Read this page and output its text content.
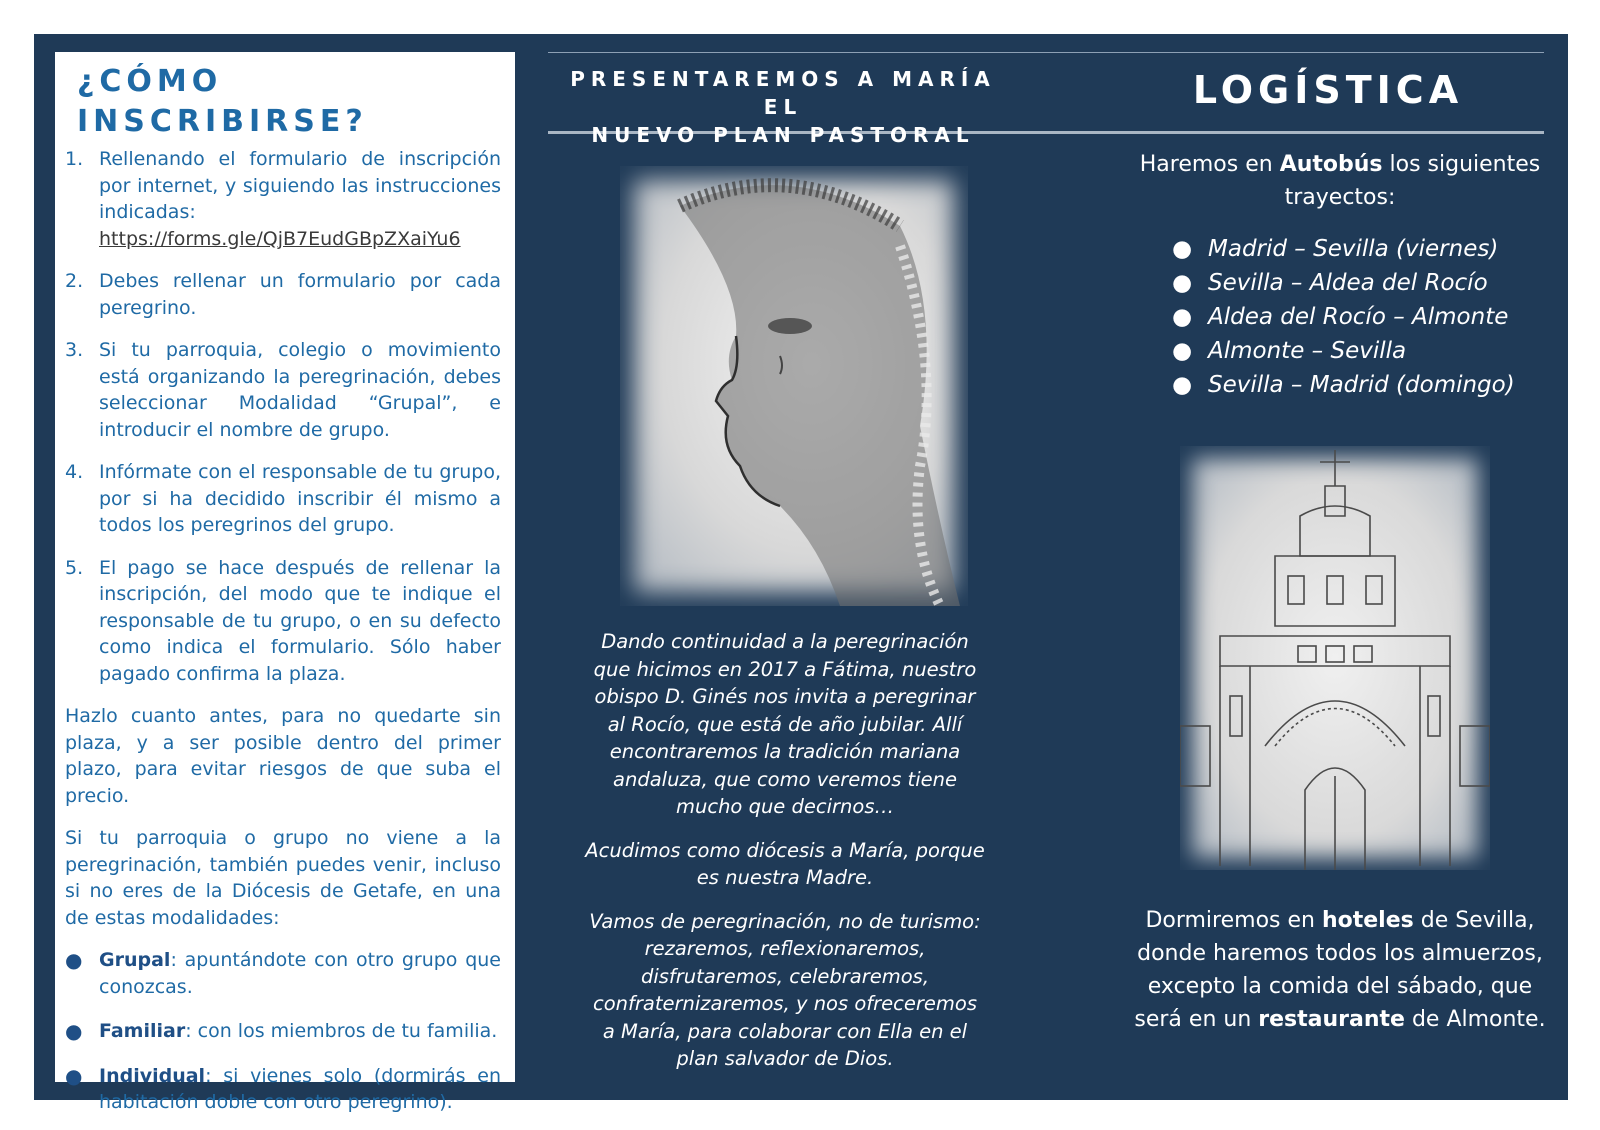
¿CÓMO INSCRIBIRSE?
1. Rellenando el formulario de inscripción por internet, y siguiendo las instrucciones indicadas:
https://forms.gle/QjB7EudGBpZXaiYu6
2. Debes rellenar un formulario por cada peregrino.
3. Si tu parroquia, colegio o movimiento está organizando la peregrinación, debes seleccionar Modalidad “Grupal”, e introducir el nombre de grupo.
4. Infórmate con el responsable de tu grupo, por si ha decidido inscribir él mismo a todos los peregrinos del grupo.
5. El pago se hace después de rellenar la inscripción, del modo que te indique el responsable de tu grupo, o en su defecto como indica el formulario. Sólo haber pagado confirma la plaza.

Hazlo cuanto antes, para no quedarte sin plaza, y a ser posible dentro del primer plazo, para evitar riesgos de que suba el precio.

Si tu parroquia o grupo no viene a la peregrinación, también puedes venir, incluso si no eres de la Diócesis de Getafe, en una de estas modalidades:

● Grupal: apuntándote con otro grupo que conozcas.
● Familiar: con los miembros de tu familia.
● Individual: si vienes solo (dormirás en habitación doble con otro peregrino).
PRESENTAREMOS A MARÍA EL
NUEVO PLAN PASTORAL
LOGÍSTICA

Dando continuidad a la peregrinación que hicimos en 2017 a Fátima, nuestro obispo D. Ginés nos invita a peregrinar al Rocío, que está de año jubilar. Allí encontraremos la tradición mariana andaluza, que como veremos tiene mucho que decirnos…

Acudimos como diócesis a María, porque es nuestra Madre.

Vamos de peregrinación, no de turismo: rezaremos, reflexionaremos, disfrutaremos, celebraremos, confraternizaremos, y nos ofreceremos a María, para colaborar con Ella en el plan salvador de Dios.

Haremos en Autobús los siguientes trayectos:
● Madrid – Sevilla (viernes)
● Sevilla – Aldea del Rocío
● Aldea del Rocío – Almonte
● Almonte – Sevilla
● Sevilla – Madrid (domingo)
Dormiremos en hoteles de Sevilla, donde haremos todos los almuerzos, excepto la comida del sábado, que será en un restaurante de Almonte.
